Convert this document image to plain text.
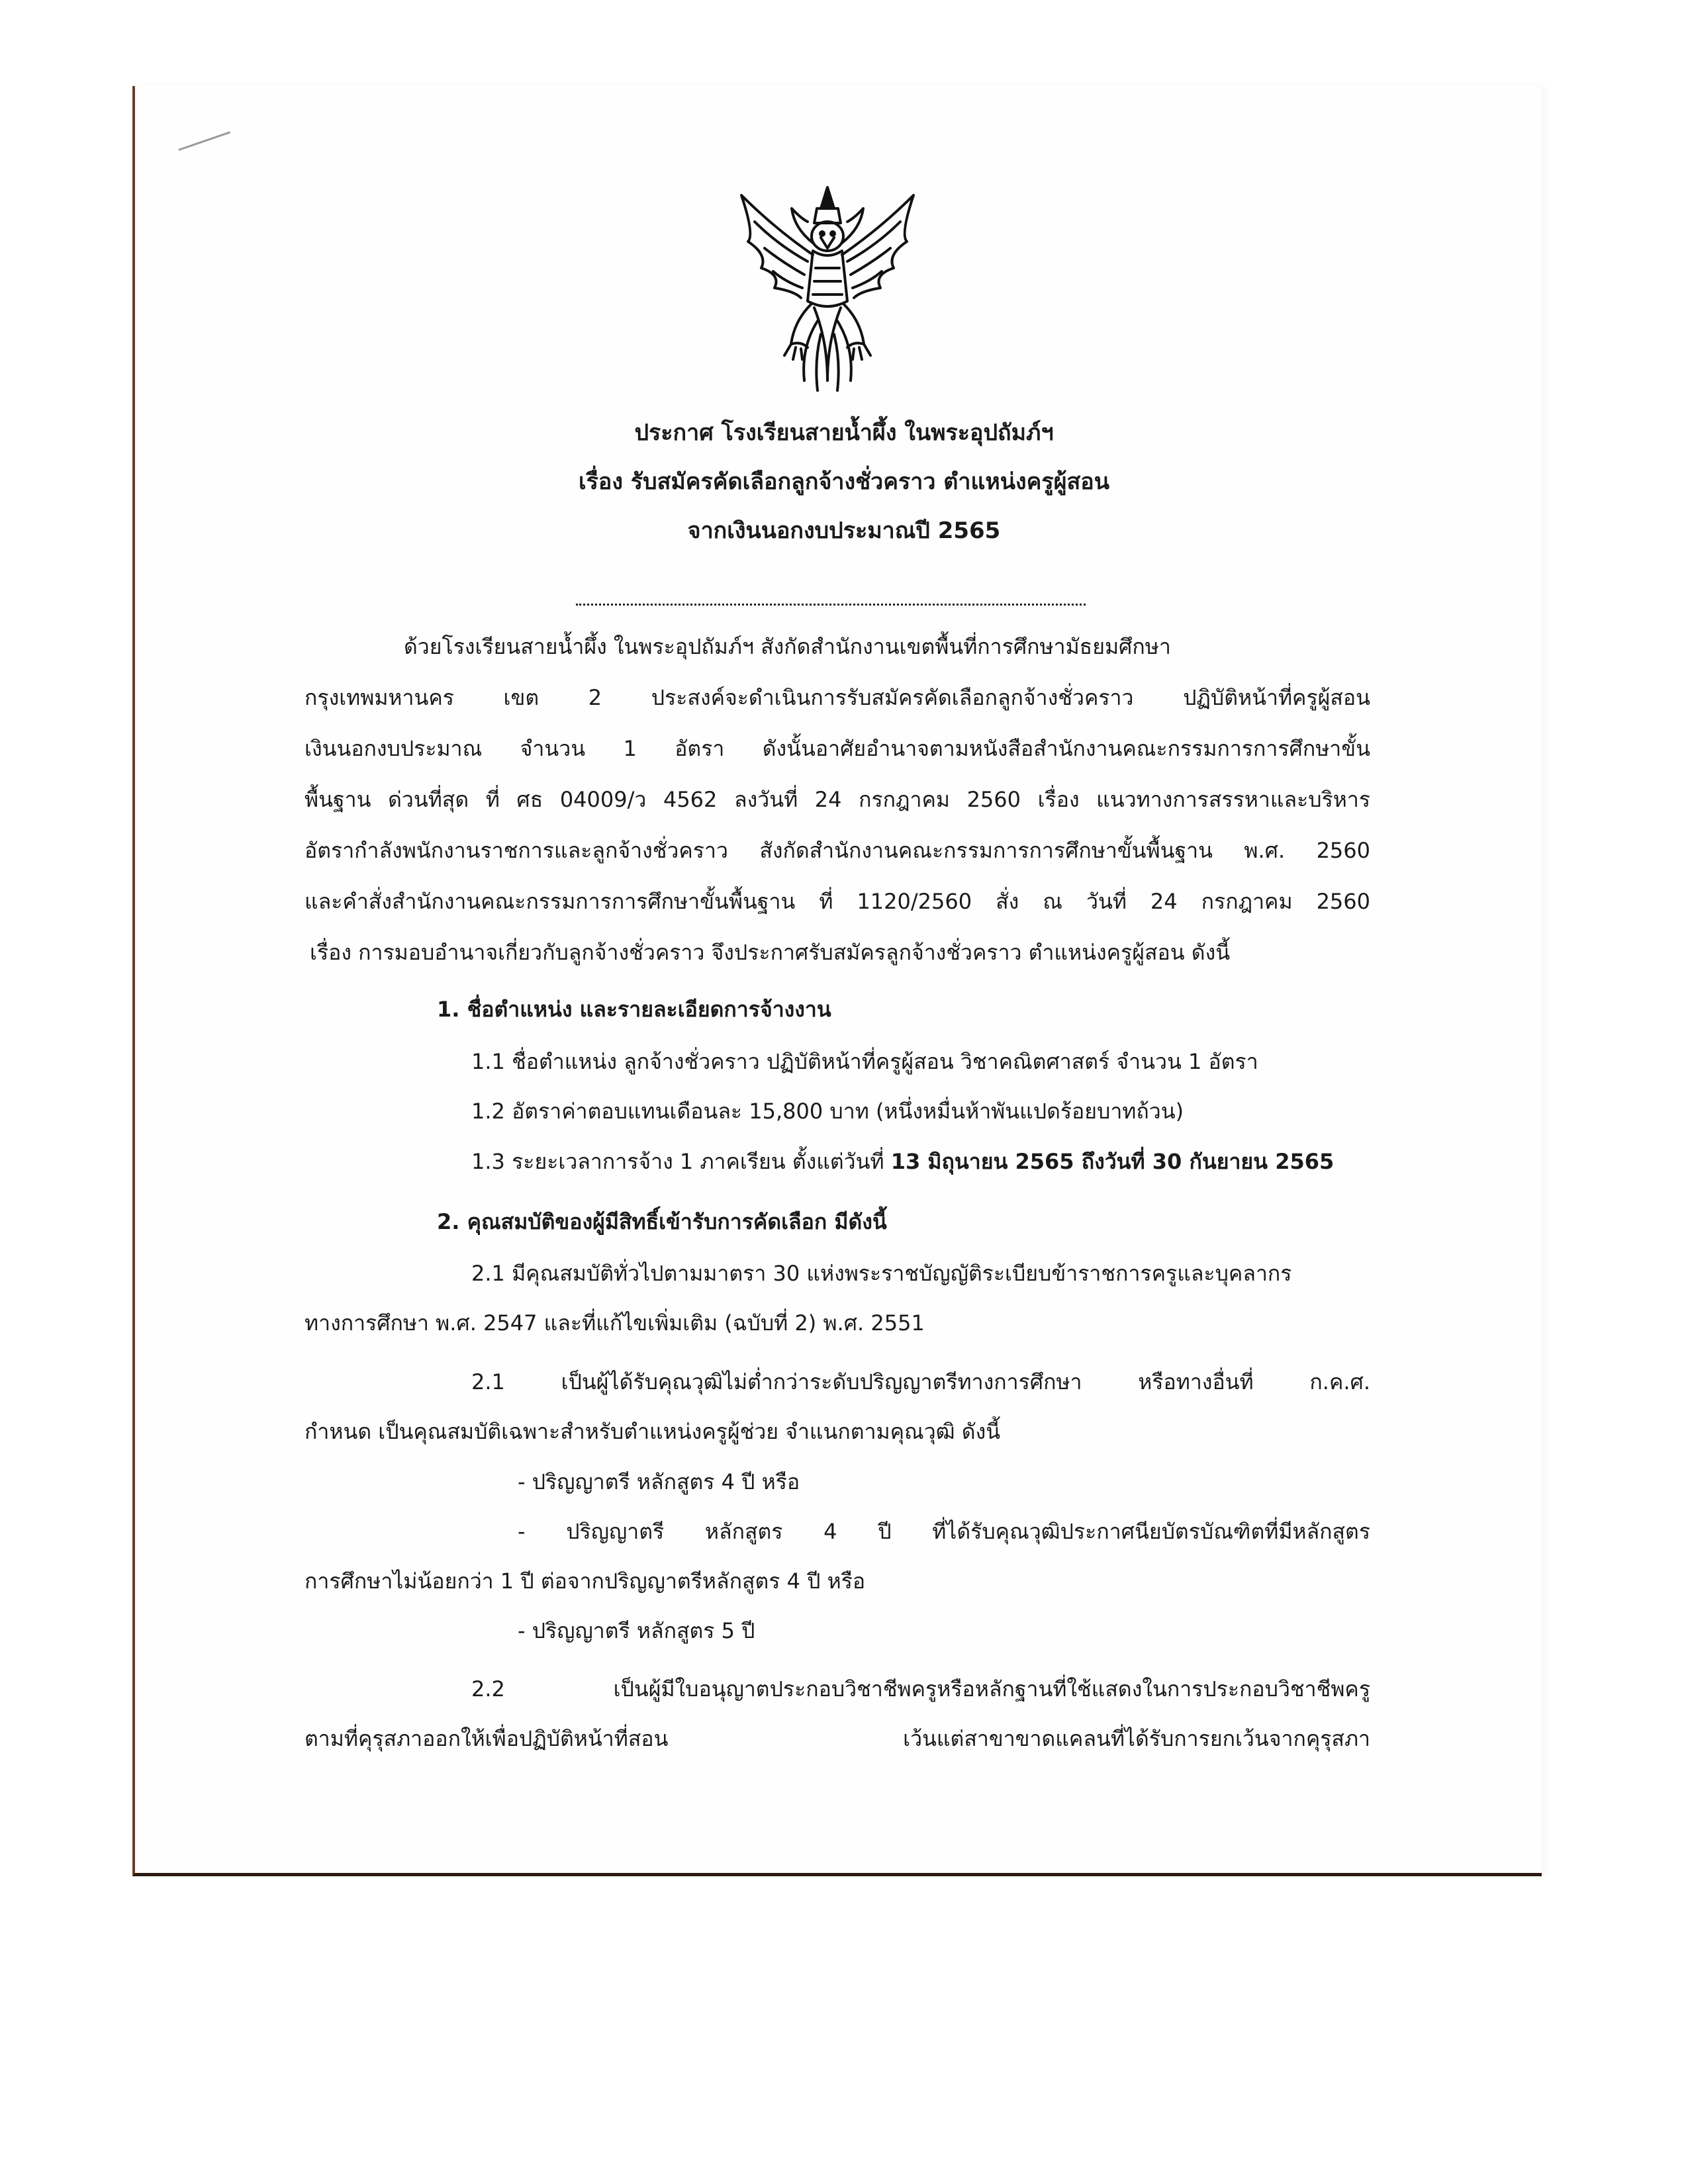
ประกาศ โรงเรียนสายน้ำผึ้ง ในพระอุปถัมภ์ฯ
เรื่อง รับสมัครคัดเลือกลูกจ้างชั่วคราว ตำแหน่งครูผู้สอน
จากเงินนอกงบประมาณปี 2565
ด้วยโรงเรียนสายน้ำผึ้ง ในพระอุปถัมภ์ฯ สังกัดสำนักงานเขตพื้นที่การศึกษามัธยมศึกษา
กรุงเทพมหานคร เขต 2 ประสงค์จะดำเนินการรับสมัครคัดเลือกลูกจ้างชั่วคราว ปฏิบัติหน้าที่ครูผู้สอน
เงินนอกงบประมาณ จำนวน 1 อัตรา ดังนั้นอาศัยอำนาจตามหนังสือสำนักงานคณะกรรมการการศึกษาขั้น
พื้นฐาน ด่วนที่สุด ที่ ศธ 04009/ว 4562 ลงวันที่ 24 กรกฎาคม 2560 เรื่อง แนวทางการสรรหาและบริหาร
อัตรากำลังพนักงานราชการและลูกจ้างชั่วคราว สังกัดสำนักงานคณะกรรมการการศึกษาขั้นพื้นฐาน พ.ศ. 2560
และคำสั่งสำนักงานคณะกรรมการการศึกษาขั้นพื้นฐาน ที่ 1120/2560 สั่ง ณ วันที่ 24 กรกฎาคม 2560
เรื่อง การมอบอำนาจเกี่ยวกับลูกจ้างชั่วคราว จึงประกาศรับสมัครลูกจ้างชั่วคราว ตำแหน่งครูผู้สอน ดังนี้
1. ชื่อตำแหน่ง และรายละเอียดการจ้างงาน
1.1 ชื่อตำแหน่ง ลูกจ้างชั่วคราว ปฏิบัติหน้าที่ครูผู้สอน วิชาคณิตศาสตร์ จำนวน 1 อัตรา
1.2 อัตราค่าตอบแทนเดือนละ 15,800 บาท (หนึ่งหมื่นห้าพันแปดร้อยบาทถ้วน)
1.3 ระยะเวลาการจ้าง 1 ภาคเรียน ตั้งแต่วันที่ 13 มิถุนายน 2565 ถึงวันที่ 30 กันยายน 2565
2. คุณสมบัติของผู้มีสิทธิ์เข้ารับการคัดเลือก มีดังนี้
2.1 มีคุณสมบัติทั่วไปตามมาตรา 30 แห่งพระราชบัญญัติระเบียบข้าราชการครูและบุคลากร
ทางการศึกษา พ.ศ. 2547 และที่แก้ไขเพิ่มเติม (ฉบับที่ 2) พ.ศ. 2551
2.1 เป็นผู้ได้รับคุณวุฒิไม่ต่ำกว่าระดับปริญญาตรีทางการศึกษา หรือทางอื่นที่ ก.ค.ศ.
กำหนด เป็นคุณสมบัติเฉพาะสำหรับตำแหน่งครูผู้ช่วย จำแนกตามคุณวุฒิ ดังนี้
- ปริญญาตรี หลักสูตร 4 ปี หรือ
- ปริญญาตรี หลักสูตร 4 ปี ที่ได้รับคุณวุฒิประกาศนียบัตรบัณฑิตที่มีหลักสูตร
การศึกษาไม่น้อยกว่า 1 ปี ต่อจากปริญญาตรีหลักสูตร 4 ปี หรือ
- ปริญญาตรี หลักสูตร 5 ปี
2.2 เป็นผู้มีใบอนุญาตประกอบวิชาชีพครูหรือหลักฐานที่ใช้แสดงในการประกอบวิชาชีพครู
ตามที่คุรุสภาออกให้เพื่อปฏิบัติหน้าที่สอน เว้นแต่สาขาขาดแคลนที่ได้รับการยกเว้นจากคุรุสภา
